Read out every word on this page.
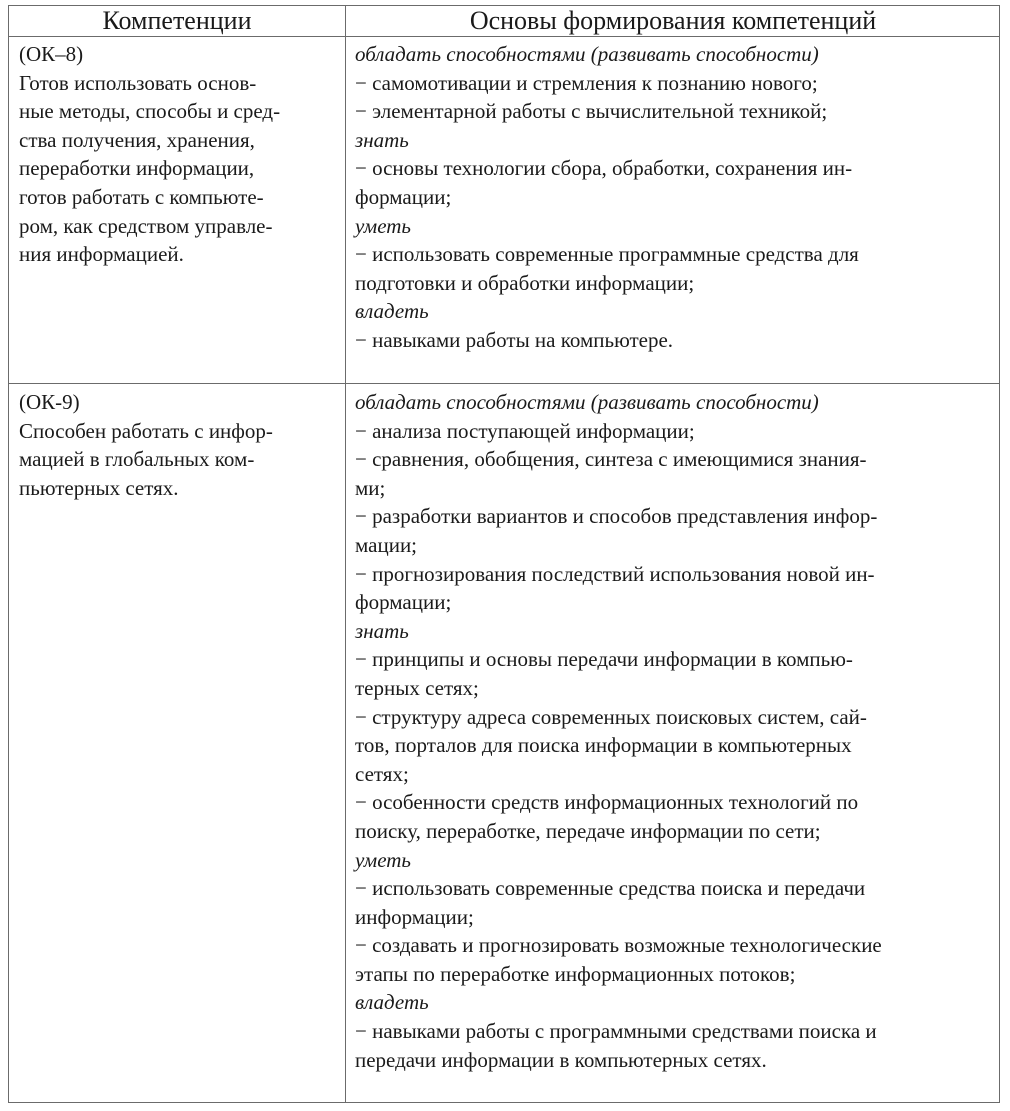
Компетенции	Основы формирования компетенций
(ОК–8)
Готов использовать основ-
ные методы, способы и сред-
ства получения, хранения,
переработки информации,
готов работать с компьюте-
ром, как средством управле-
ния информацией.
обладать способностями (развивать способности)
− самомотивации и стремления к познанию нового;
− элементарной работы с вычислительной техникой;
знать
− основы технологии сбора, обработки, сохранения ин-
формации;
уметь
− использовать современные программные средства для
подготовки и обработки информации;
владеть
− навыками работы на компьютере.
(ОК-9)
Способен работать с инфор-
мацией в глобальных ком-
пьютерных сетях.
обладать способностями (развивать способности)
− анализа поступающей информации;
− сравнения, обобщения, синтеза с имеющимися знания-
ми;
− разработки вариантов и способов представления инфор-
мации;
− прогнозирования последствий использования новой ин-
формации;
знать
− принципы и основы передачи информации в компью-
терных сетях;
− структуру адреса современных поисковых систем, сай-
тов, порталов для поиска информации в компьютерных
сетях;
− особенности средств информационных технологий по
поиску, переработке, передаче информации по сети;
уметь
− использовать современные средства поиска и передачи
информации;
− создавать и прогнозировать возможные технологические
этапы по переработке информационных потоков;
владеть
− навыками работы с программными средствами поиска и
передачи информации в компьютерных сетях.
